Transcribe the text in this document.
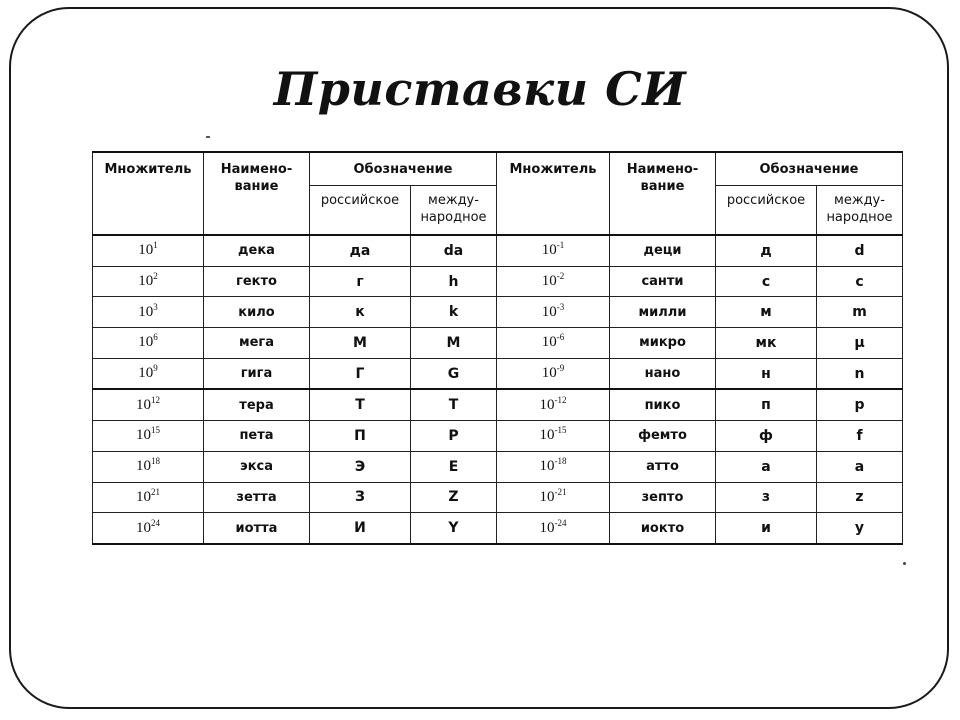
Приставки СИ
Множитель	Наимено-вание	Обозначение		Множитель	Наимено-вание	Обозначение	
		российское	между-народное			российское	между-народное
$10^1$	дека	да	da	$10^{-1}$	деци	д	d
$10^2$	гекто	г	h	$10^{-2}$	санти	с	c
$10^3$	кило	к	k	$10^{-3}$	милли	м	m
$10^6$	мега	М	M	$10^{-6}$	микро	мк	µ
$10^9$	гига	Г	G	$10^{-9}$	нано	н	n
$10^{12}$	тера	Т	T	$10^{-12}$	пико	п	p
$10^{15}$	пета	П	P	$10^{-15}$	фемто	ф	f
$10^{18}$	экса	Э	E	$10^{-18}$	атто	а	a
$10^{21}$	зетта	З	Z	$10^{-21}$	зепто	з	z
$10^{24}$	иотта	И	Y	$10^{-24}$	иокто	и	y
